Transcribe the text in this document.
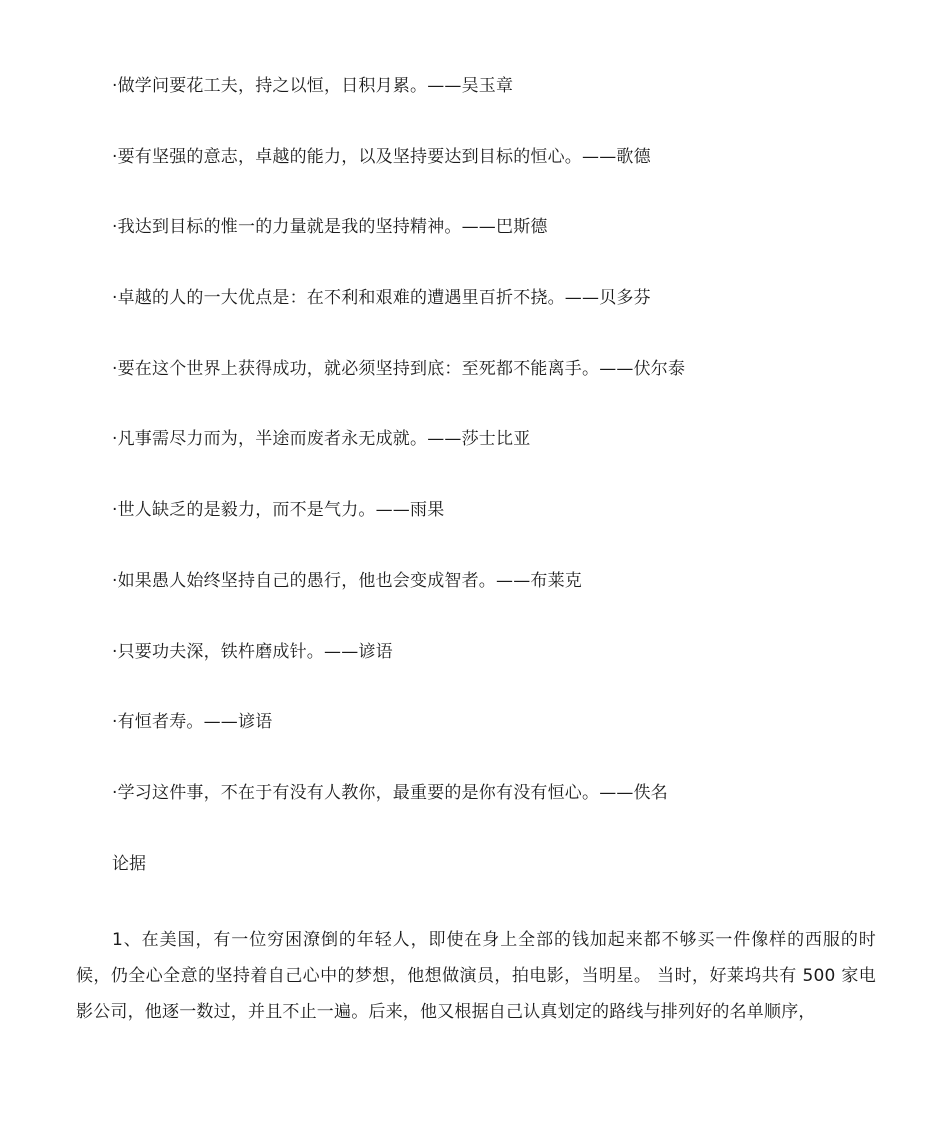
·做学问要花工夫，持之以恒，日积月累。——吴玉章
·要有坚强的意志，卓越的能力，以及坚持要达到目标的恒心。——歌德
·我达到目标的惟一的力量就是我的坚持精神。——巴斯德
·卓越的人的一大优点是：在不利和艰难的遭遇里百折不挠。——贝多芬
·要在这个世界上获得成功，就必须坚持到底：至死都不能离手。——伏尔泰
·凡事需尽力而为，半途而废者永无成就。——莎士比亚
·世人缺乏的是毅力，而不是气力。——雨果
·如果愚人始终坚持自己的愚行，他也会变成智者。——布莱克
·只要功夫深，铁杵磨成针。——谚语
·有恒者寿。——谚语
·学习这件事，不在于有没有人教你，最重要的是你有没有恒心。——佚名
论据
1、在美国，有一位穷困潦倒的年轻人，即使在身上全部的钱加起来都不够买一件像样的西服的时候，仍全心全意的坚持着自己心中的梦想，他想做演员，拍电影，当明星。 当时，好莱坞共有 500 家电影公司，他逐一数过，并且不止一遍。后来，他又根据自己认真划定的路线与排列好的名单顺序，
